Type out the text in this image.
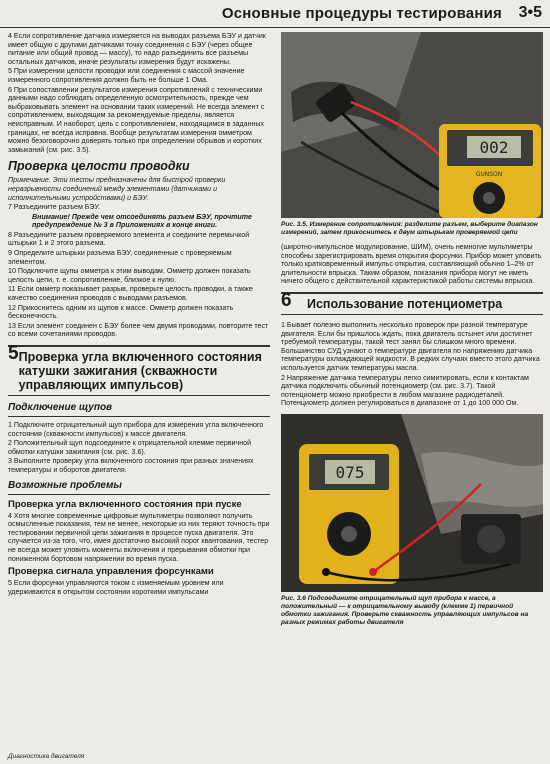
Основные процедуры тестирования 3•5

4 Если сопротивление датчика измеряется на выводах разъема БЭУ и датчик имеет общую с другими датчиками точку соединения с БЭУ (через общее питание или общий провод — массу), то надо разъединить все разъемы остальных датчиков, иначе результаты измерения будут искажены.

5 При измерении целости проводки или соединения с массой значение измеренного сопротивления должно быть не больше 1 Ома.

6 При сопоставлении результатов измерения сопротивлений с техническими данными надо соблюдать определенную осмотрительность, прежде чем выбраковывать элемент на основании таких измерений. Не всегда элемент с сопротивлением, выходящим за рекомендуемые пределы, является неисправным. И наоборот, цель с сопротивлением, находящимся в заданных границах, не всегда исправна. Вообще результатам измерения омметром можно безоговорочно доверять только при определении обрывов и коротких замыканий (см. рис. 3.5).

Проверка целости проводки

Примечание. Эти тесты предназначены для быстрой проверки неразрывности соединений между элементами (датчиками и исполнительными устройствами) и БЭУ.

7 Разъедините разъем БЭУ.

Внимание! Прежде чем отсоединять разъем БЭУ, прочтите предупреждение № 3 в Приложениях в конце книги.

8 Разъедините разъем проверяемого элемента и соедините перемычкой штырьки 1 и 2 этого разъема.

9 Определите штырьки разъема БЭУ, соединенные с проверяемым элементом.

10 Подключите щупы омметра к этим выводам. Омметр должен показать целость цепи, т. е. сопротивление, близкое к нулю.

11 Если омметр показывает разрыв, проверьте целость проводки, а также качество соединения проводов с выводами разъемов.

12 Прикоснитесь одним из щупов к массе. Омметр должен показать бесконечность.

13 Если элемент соединен с БЭУ более чем двумя проводами, повторите тест со всеми сочетаниями проводов.

5 Проверка угла включенного состояния катушки зажигания (скважности управляющих импульсов)
Подключение щупов

1 Подключите отрицательный щуп прибора для измерения угла включенного состояния (скважности импульсов) к массе двигателя.

2 Положительный щуп подсоедините к отрицательной клемме первичной обмотки катушки зажигания (см. рис. 3.6).

3 Выполните проверку угла включенного состояния при разных значениях температуры и оборотов двигателя.

Возможные проблемы
Проверка угла включенного состояния при пуске

4 Хотя многие современные цифровые мультиметры позволяют получить осмысленные показания, тем не менее, некоторые из них теряют точность при тестировании первичной цепи зажигания в процессе пуска двигателя. Это случается из-за того, что, имея достаточно высокий порог квантования, тестер не всегда может уловить моменты включения и прерывания обмотки при пониженном бортовом напряжении во время пуска.

Проверка сигнала управления форсунками

5 Если форсунки управляются током с изменяемым уровнем или удерживаются в открытом состоянии короткими импульсами

002
GUNSON
Рис. 3.5. Измерение сопротивления: разделите разъем, выберите диапазон измерений, затем прикоснитесь к двум штырькам проверяемой цепи

(широтно-импульсное модулирование, ШИМ), очень немногие мультиметры способны зарегистрировать время открытия форсунки. Прибор может уловить только кратковременный импульс открытия, составляющий обычно 1–2% от длительности впрыска. Таким образом, показания прибора могут не иметь ничего общего с действительной характеристикой работы системы впрыска.

6	Использование потенциометра

1 Бывает полезно выполнить несколько проверок при разной температуре двигателя. Если бы пришлось ждать, пока двигатель остынет или достигнет требуемой температуры, такой тест занял бы слишком много времени. Большинство СУД узнают о температуре двигателя по напряжению датчика температуры охлаждающей жидкости. В редких случаях вместо этого датчика используется датчик температуры масла.

2 Напряжение датчика температуры легко симитировать, если к контактам датчика подключить обычный потенциометр (см. рис. 3.7). Такой потенциометр можно приобрести в любом магазине радиодеталей. Потенциометр должен регулироваться в диапазоне от 1 до 100 000 Ом.

075
Рис. 3.6 Подсоедините отрицательный щуп прибора к массе, а положительный — к отрицательному выводу (клемме 1) первичной обмотки зажигания. Проверьте скважность управляющих импульсов на разных режимах работы двигателя
Диагностика двигателя
